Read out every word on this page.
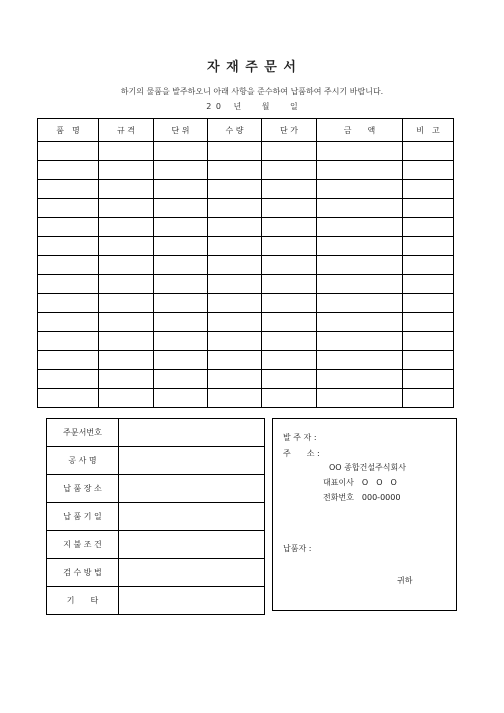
자 재 주 문 서
하기의 물품을 발주하오니 아래 사항을 준수하여 납품하여 주시기 바랍니다.
2 0 　년 　　월 　　일
품　명	규 격	단 위	수 량	단 가	금　　액	비　고

주문서번호	
공 사 명	
납 품 장 소	
납 품 기 일	
지 불 조 건	
검 수 방 법	
기　　타	
발 주 자 :
주　　소 :
OO 종합건설주식회사
대표이사　O　O　O
전화번호　000-0000
납품자 :
귀하
